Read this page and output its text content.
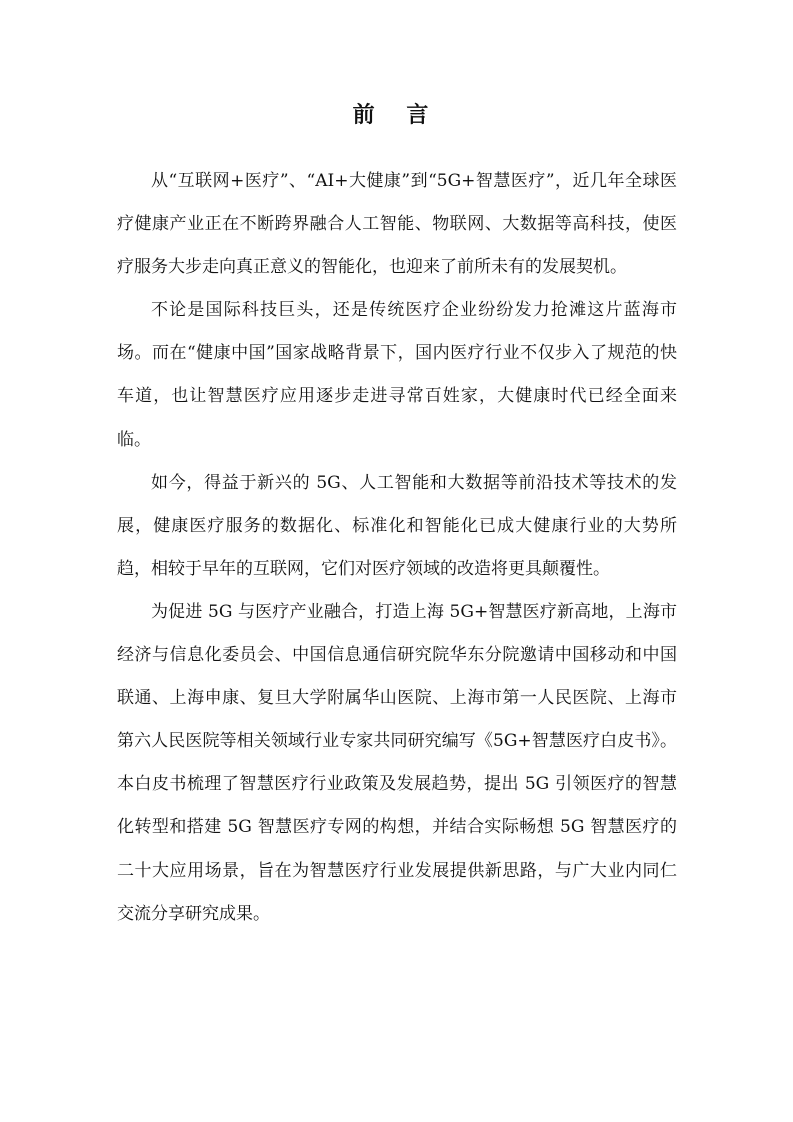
前 言

从“互联网+医疗”、“AI+大健康”到“5G+智慧医疗”，近几年全球医疗健康产业正在不断跨界融合人工智能、物联网、大数据等高科技，使医疗服务大步走向真正意义的智能化，也迎来了前所未有的发展契机。

不论是国际科技巨头，还是传统医疗企业纷纷发力抢滩这片蓝海市场。而在“健康中国”国家战略背景下，国内医疗行业不仅步入了规范的快车道，也让智慧医疗应用逐步走进寻常百姓家，大健康时代已经全面来临。

如今，得益于新兴的 5G、人工智能和大数据等前沿技术等技术的发展，健康医疗服务的数据化、标准化和智能化已成大健康行业的大势所趋，相较于早年的互联网，它们对医疗领域的改造将更具颠覆性。

为促进 5G 与医疗产业融合，打造上海 5G+智慧医疗新高地，上海市经济与信息化委员会、中国信息通信研究院华东分院邀请中国移动和中国联通、上海申康、复旦大学附属华山医院、上海市第一人民医院、上海市第六人民医院等相关领域行业专家共同研究编写《5G+智慧医疗白皮书》。本白皮书梳理了智慧医疗行业政策及发展趋势，提出 5G 引领医疗的智慧化转型和搭建 5G 智慧医疗专网的构想，并结合实际畅想 5G 智慧医疗的二十大应用场景，旨在为智慧医疗行业发展提供新思路，与广大业内同仁交流分享研究成果。
